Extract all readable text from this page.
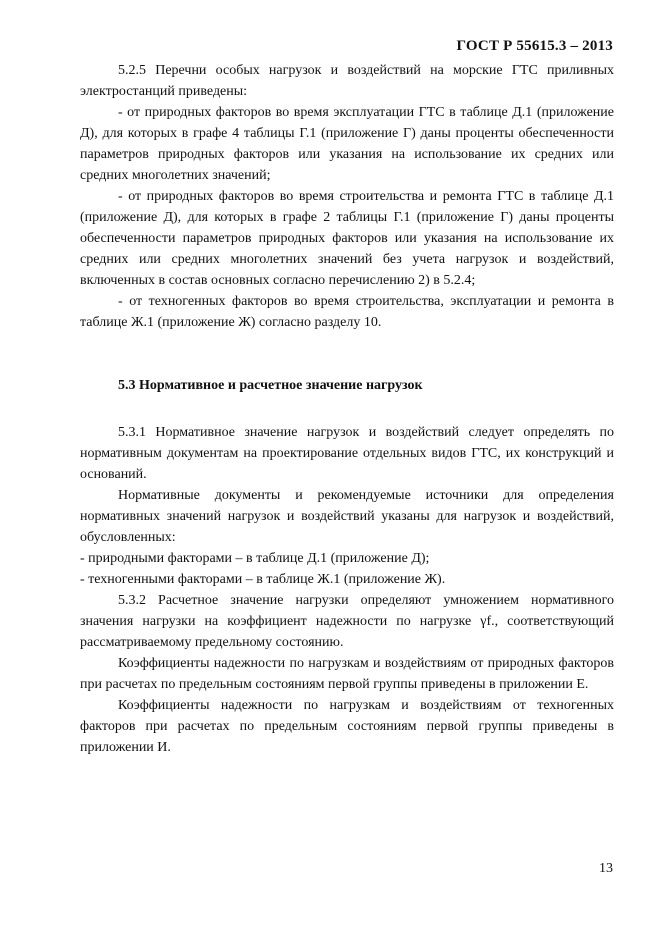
ГОСТ Р 55615.3 – 2013

5.2.5 Перечни особых нагрузок и воздействий на морские ГТС приливных электростанций приведены:

- от природных факторов во время эксплуатации ГТС в таблице Д.1 (приложение Д), для которых в графе 4 таблицы Г.1 (приложение Г) даны проценты обеспеченности параметров природных факторов или указания на использование их средних или средних многолетних значений;

- от природных факторов во время строительства и ремонта ГТС в таблице Д.1 (приложение Д), для которых в графе 2 таблицы Г.1 (приложение Г) даны проценты обеспеченности параметров природных факторов или указания на использование их средних или средних многолетних значений без учета нагрузок и воздействий, включенных в состав основных согласно перечислению 2) в 5.2.4;

- от техногенных факторов во время строительства, эксплуатации и ремонта в таблице Ж.1 (приложение Ж) согласно разделу 10.

5.3 Нормативное и расчетное значение нагрузок

5.3.1 Нормативное значение нагрузок и воздействий следует определять по нормативным документам на проектирование отдельных видов ГТС, их конструкций и оснований.

Нормативные документы и рекомендуемые источники для определения нормативных значений нагрузок и воздействий указаны для нагрузок и воздействий, обусловленных:

- природными факторами – в таблице Д.1 (приложение Д);

- техногенными факторами – в таблице Ж.1 (приложение Ж).

5.3.2 Расчетное значение нагрузки определяют умножением нормативного значения нагрузки на коэффициент надежности по нагрузке γf., соответствующий рассматриваемому предельному состоянию.

Коэффициенты надежности по нагрузкам и воздействиям от природных факторов при расчетах по предельным состояниям первой группы приведены в приложении Е.

Коэффициенты надежности по нагрузкам и воздействиям от техногенных факторов при расчетах по предельным состояниям первой группы приведены в приложении И.

13
